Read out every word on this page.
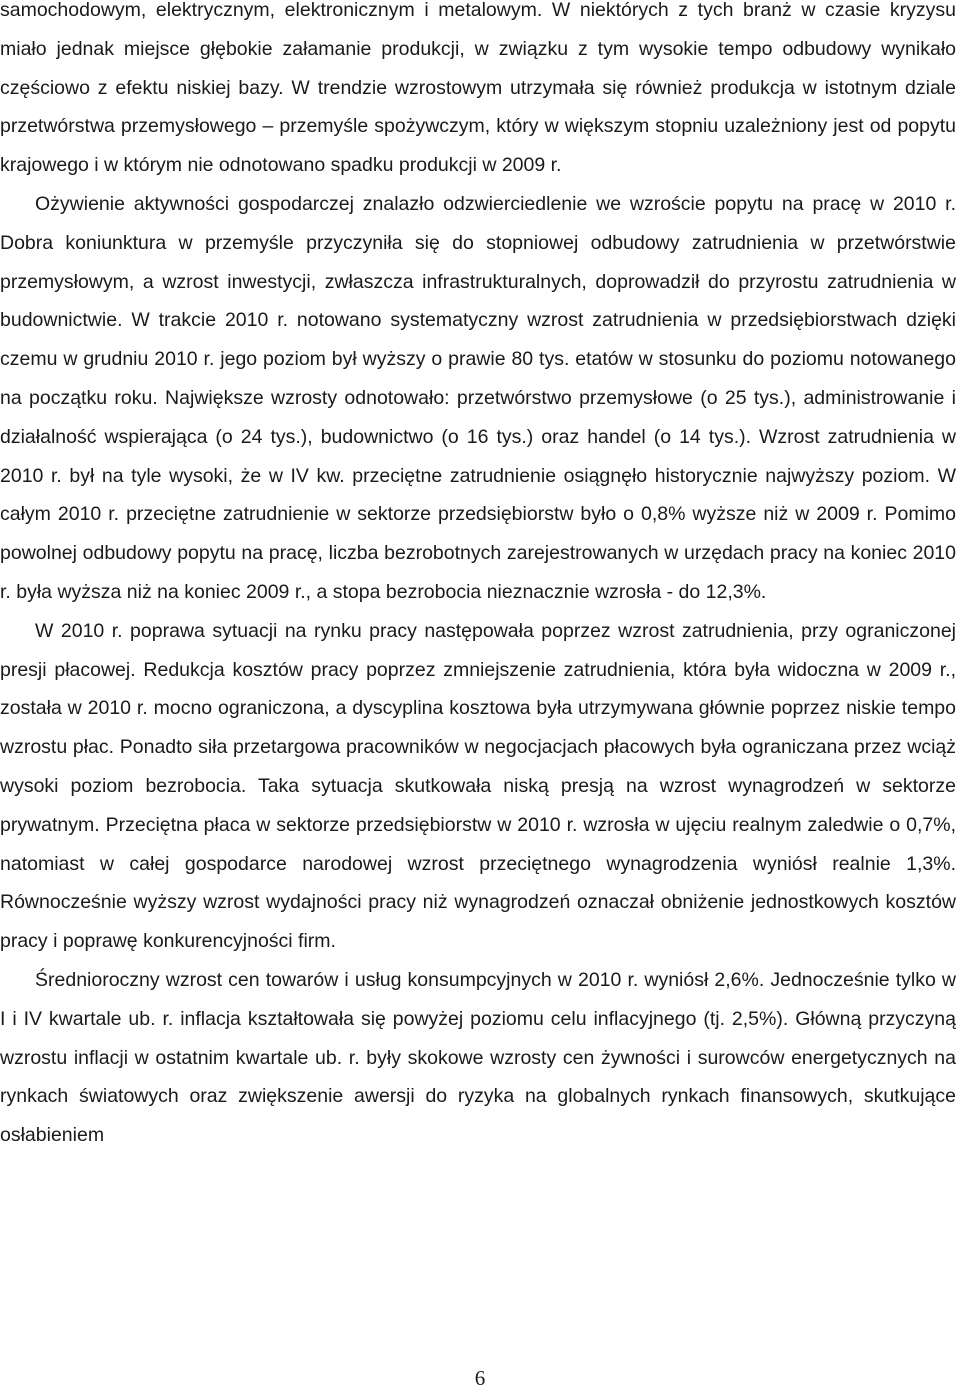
samochodowym, elektrycznym, elektronicznym i metalowym. W niektórych z tych branż w czasie kryzysu miało jednak miejsce głębokie załamanie produkcji, w związku z tym wysokie tempo odbudowy wynikało częściowo z efektu niskiej bazy. W trendzie wzrostowym utrzymała się również produkcja w istotnym dziale przetwórstwa przemysłowego – przemyśle spożywczym, który w większym stopniu uzależniony jest od popytu krajowego i w którym nie odnotowano spadku produkcji w 2009 r.

Ożywienie aktywności gospodarczej znalazło odzwierciedlenie we wzroście popytu na pracę w 2010 r. Dobra koniunktura w przemyśle przyczyniła się do stopniowej odbudowy zatrudnienia w przetwórstwie przemysłowym, a wzrost inwestycji, zwłaszcza infrastrukturalnych, doprowadził do przyrostu zatrudnienia w budownictwie. W trakcie 2010 r. notowano systematyczny wzrost zatrudnienia w przedsiębiorstwach dzięki czemu w grudniu 2010 r. jego poziom był wyższy o prawie 80 tys. etatów w stosunku do poziomu notowanego na początku roku. Największe wzrosty odnotowało: przetwórstwo przemysłowe (o 25 tys.), administrowanie i działalność wspierająca (o 24 tys.), budownictwo (o 16 tys.) oraz handel (o 14 tys.). Wzrost zatrudnienia w 2010 r. był na tyle wysoki, że w IV kw. przeciętne zatrudnienie osiągnęło historycznie najwyższy poziom. W całym 2010 r. przeciętne zatrudnienie w sektorze przedsiębiorstw było o 0,8% wyższe niż w 2009 r. Pomimo powolnej odbudowy popytu na pracę, liczba bezrobotnych zarejestrowanych w urzędach pracy na koniec 2010 r. była wyższa niż na koniec 2009 r., a stopa bezrobocia nieznacznie wzrosła - do 12,3%.

W 2010 r. poprawa sytuacji na rynku pracy następowała poprzez wzrost zatrudnienia, przy ograniczonej presji płacowej. Redukcja kosztów pracy poprzez zmniejszenie zatrudnienia, która była widoczna w 2009 r., została w 2010 r. mocno ograniczona, a dyscyplina kosztowa była utrzymywana głównie poprzez niskie tempo wzrostu płac. Ponadto siła przetargowa pracowników w negocjacjach płacowych była ograniczana przez wciąż wysoki poziom bezrobocia. Taka sytuacja skutkowała niską presją na wzrost wynagrodzeń w sektorze prywatnym. Przeciętna płaca w sektorze przedsiębiorstw w 2010 r. wzrosła w ujęciu realnym zaledwie o 0,7%, natomiast w całej gospodarce narodowej wzrost przeciętnego wynagrodzenia wyniósł realnie 1,3%. Równocześnie wyższy wzrost wydajności pracy niż wynagrodzeń oznaczał obniżenie jednostkowych kosztów pracy i poprawę konkurencyjności firm.

Średnioroczny wzrost cen towarów i usług konsumpcyjnych w 2010 r. wyniósł 2,6%. Jednocześnie tylko w I i IV kwartale ub. r. inflacja kształtowała się powyżej poziomu celu inflacyjnego (tj. 2,5%). Główną przyczyną wzrostu inflacji w ostatnim kwartale ub. r. były skokowe wzrosty cen żywności i surowców energetycznych na rynkach światowych oraz zwiększenie awersji do ryzyka na globalnych rynkach finansowych, skutkujące osłabieniem

6
